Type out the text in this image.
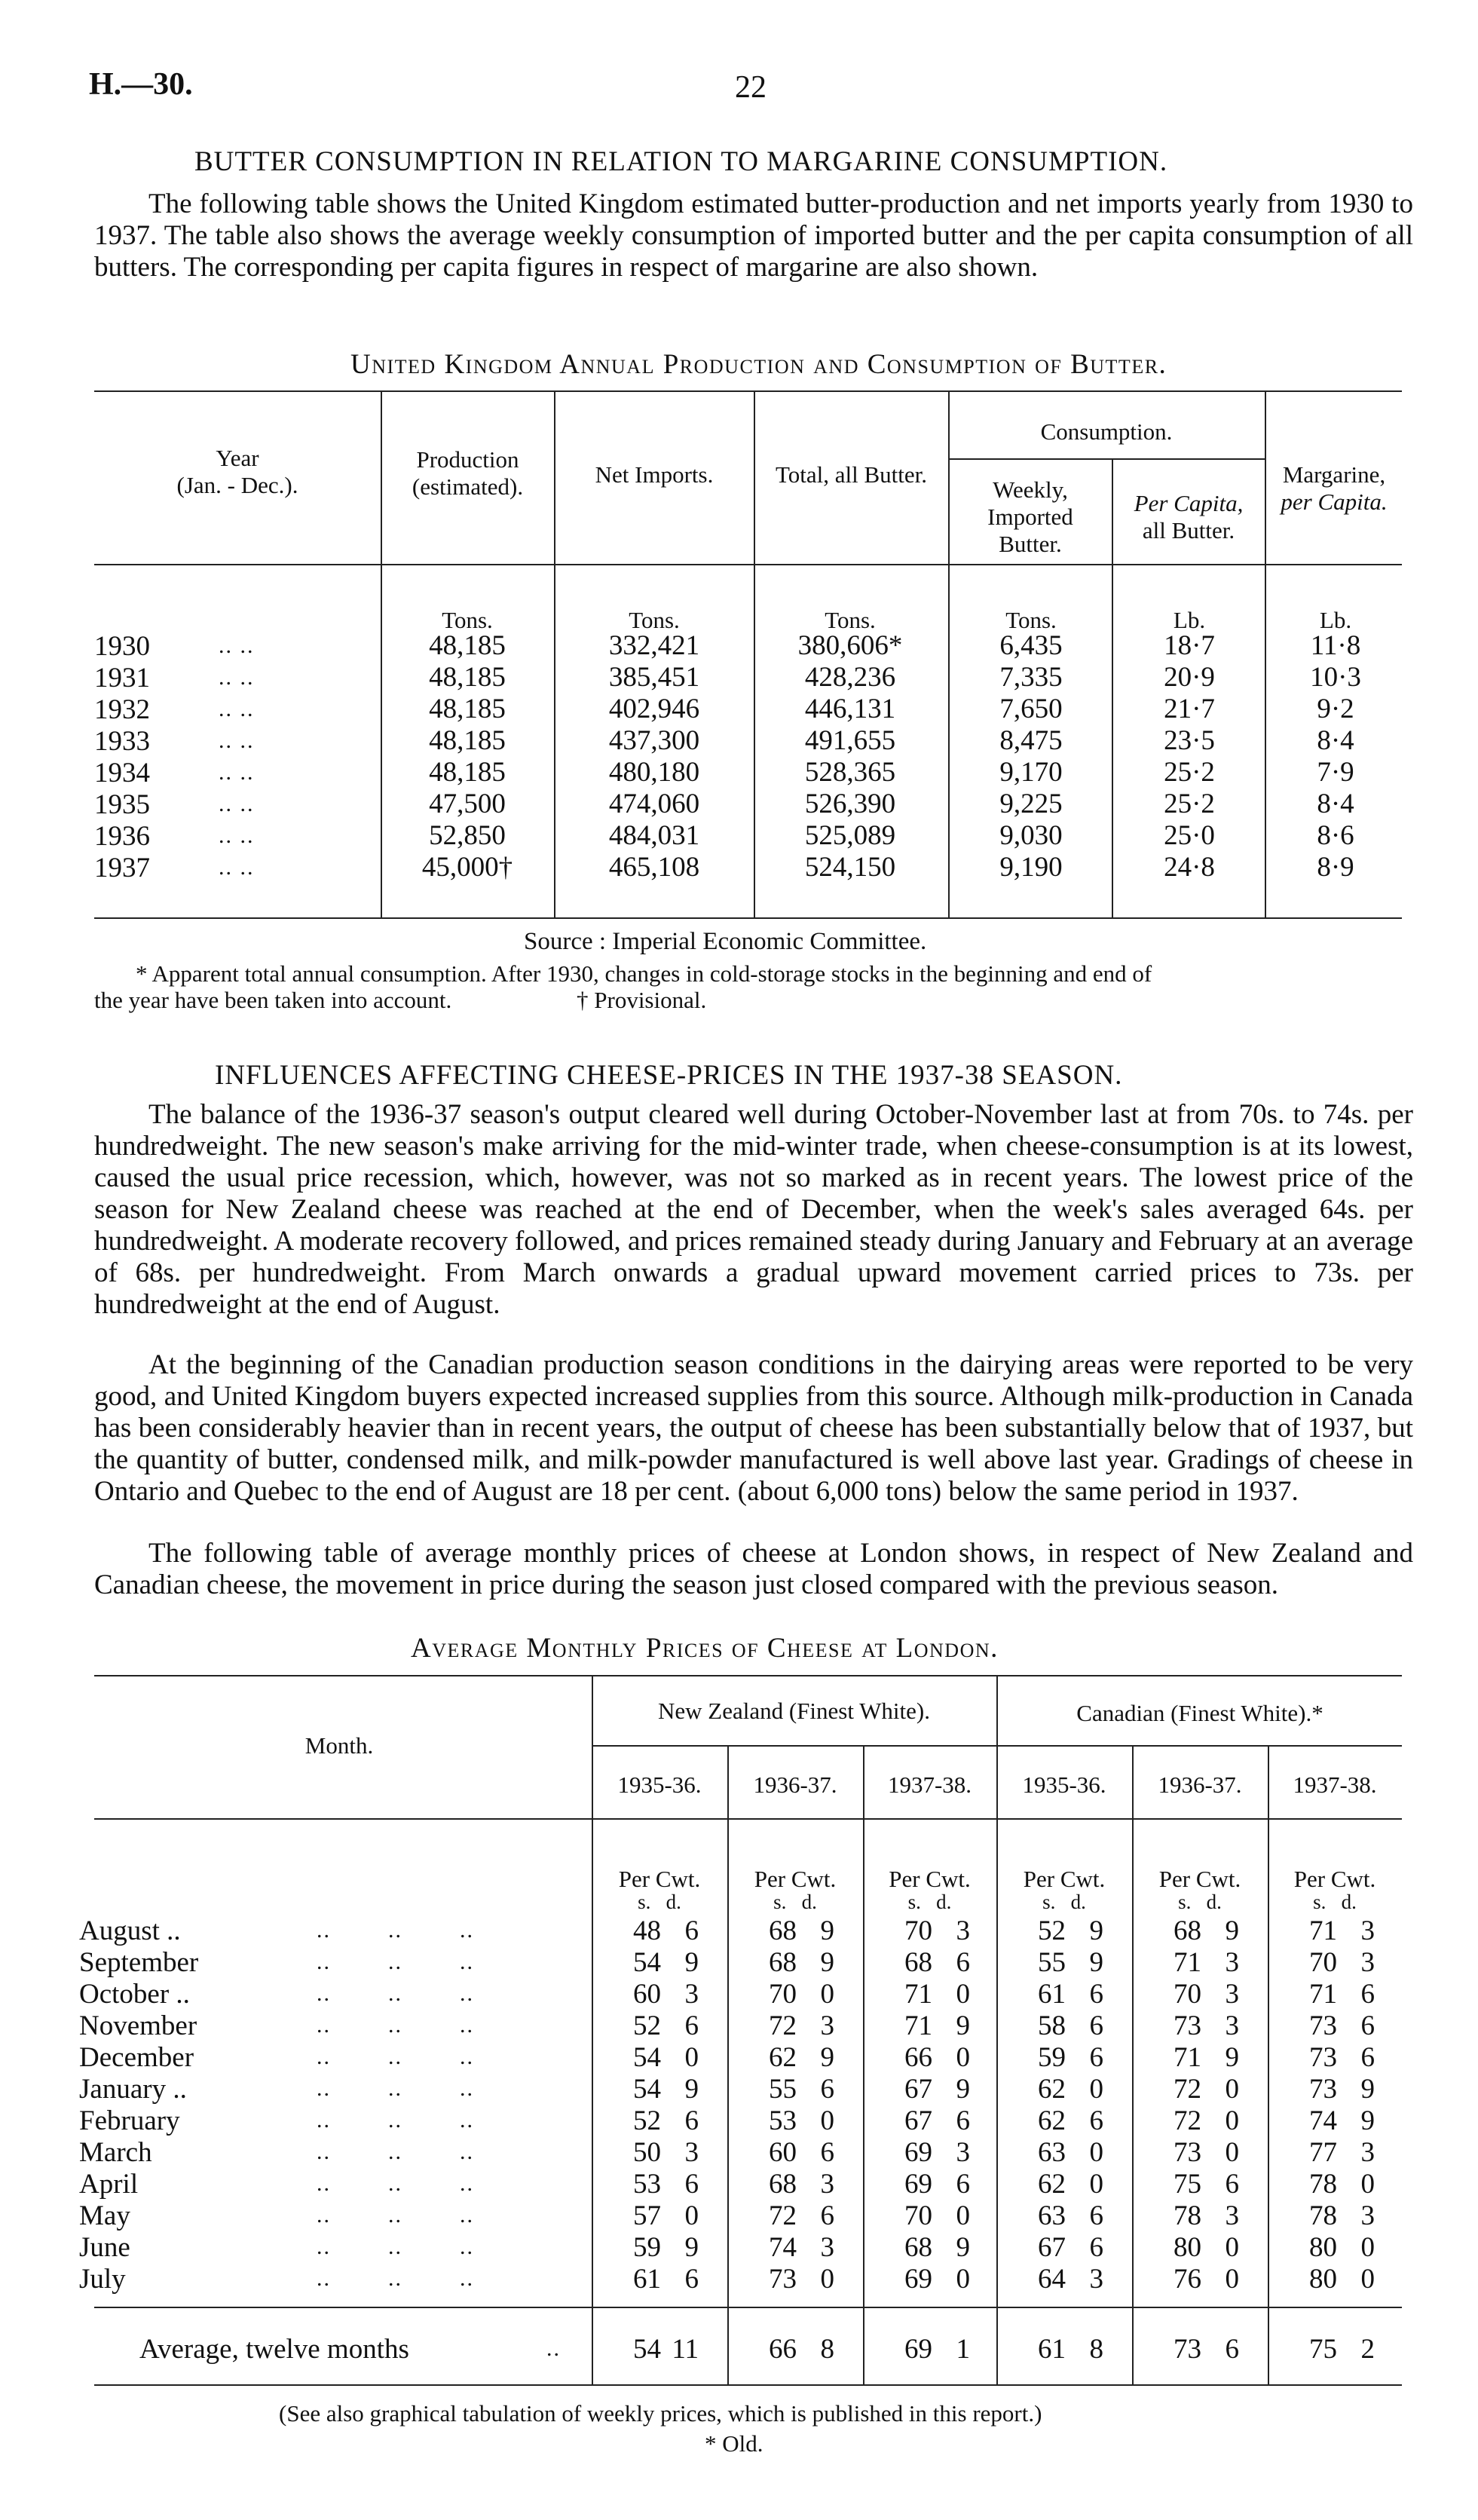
H.—30.	22
BUTTER CONSUMPTION IN RELATION TO MARGARINE CONSUMPTION.

The following table shows the United Kingdom estimated butter-production and net imports yearly from 1930 to 1937. The table also shows the average weekly consumption of imported butter and the per capita consumption of all butters. The corresponding per capita figures in respect of margarine are also shown.

United Kingdom Annual Production and Consumption of Butter.
Year
(Jan. - Dec.).
Production
(estimated).	Net Imports.	Total, all Butter.
Consumption.
Weekly,
Imported
Butter.
Per Capita,
all Butter.
Margarine,
per Capita.
Tons.	Tons.	Tons.	Tons.	Lb.	Lb.
1930	.. ..	48,185	332,421	380,606*	6,435	18·7	11·8
1931	.. ..	48,185	385,451	428,236	7,335	20·9	10·3
1932	.. ..	48,185	402,946	446,131	7,650	21·7	9·2
1933	.. ..	48,185	437,300	491,655	8,475	23·5	8·4
1934	.. ..	48,185	480,180	528,365	9,170	25·2	7·9
1935	.. ..	47,500	474,060	526,390	9,225	25·2	8·4
1936	.. ..	52,850	484,031	525,089	9,030	25·0	8·6
1937	.. ..	45,000†	465,108	524,150	9,190	24·8	8·9
Source : Imperial Economic Committee.
* Apparent total annual consumption. After 1930, changes in cold-storage stocks in the beginning and end of
the year have been taken into account.	† Provisional.
INFLUENCES AFFECTING CHEESE-PRICES IN THE 1937-38 SEASON.

The balance of the 1936-37 season's output cleared well during October-November last at from 70s. to 74s. per hundredweight. The new season's make arriving for the mid-winter trade, when cheese-consumption is at its lowest, caused the usual price recession, which, however, was not so marked as in recent years. The lowest price of the season for New Zealand cheese was reached at the end of December, when the week's sales averaged 64s. per hundredweight. A moderate recovery followed, and prices remained steady during January and February at an average of 68s. per hundredweight. From March onwards a gradual upward movement carried prices to 73s. per hundredweight at the end of August.

At the beginning of the Canadian production season conditions in the dairying areas were reported to be very good, and United Kingdom buyers expected increased supplies from this source. Although milk-production in Canada has been considerably heavier than in recent years, the output of cheese has been substantially below that of 1937, but the quantity of butter, condensed milk, and milk-powder manufactured is well above last year. Gradings of cheese in Ontario and Quebec to the end of August are 18 per cent. (about 6,000 tons) below the same period in 1937.

The following table of average monthly prices of cheese at London shows, in respect of New Zealand and Canadian cheese, the movement in price during the season just closed compared with the previous season.

Average Monthly Prices of Cheese at London.
Month.
New Zealand (Finest White).	Canadian (Finest White).*
1935-36.	1936-37.	1937-38.	1935-36.	1936-37.	1937-38.
Per Cwt.
s.   d.
Per Cwt.
s.   d.
Per Cwt.
s.   d.
Per Cwt.
s.   d.
Per Cwt.
s.   d.
Per Cwt.
s.   d.
August ..	..        ..        ..	48 6	68 9	70 3	52 9	68 9	71 3
September	..        ..        ..	54 9	68 9	68 6	55 9	71 3	70 3
October ..	..        ..        ..	60 3	70 0	71 0	61 6	70 3	71 6
November	..        ..        ..	52 6	72 3	71 9	58 6	73 3	73 6
December	..        ..        ..	54 0	62 9	66 0	59 6	71 9	73 6
January ..	..        ..        ..	54 9	55 6	67 9	62 0	72 0	73 9
February	..        ..        ..	52 6	53 0	67 6	62 6	72 0	74 9
March	..        ..        ..	50 3	60 6	69 3	63 0	73 0	77 3
April	..        ..        ..	53 6	68 3	69 6	62 0	75 6	78 0
May	..        ..        ..	57 0	72 6	70 0	63 6	78 3	78 3
June	..        ..        ..	59 9	74 3	68 9	67 6	80 0	80 0
July	..        ..        ..	61 6	73 0	69 0	64 3	76 0	80 0
Average, twelve months	..	54 11	66 8	69 1	61 8	73 6	75 2
(See also graphical tabulation of weekly prices, which is published in this report.)
* Old.
